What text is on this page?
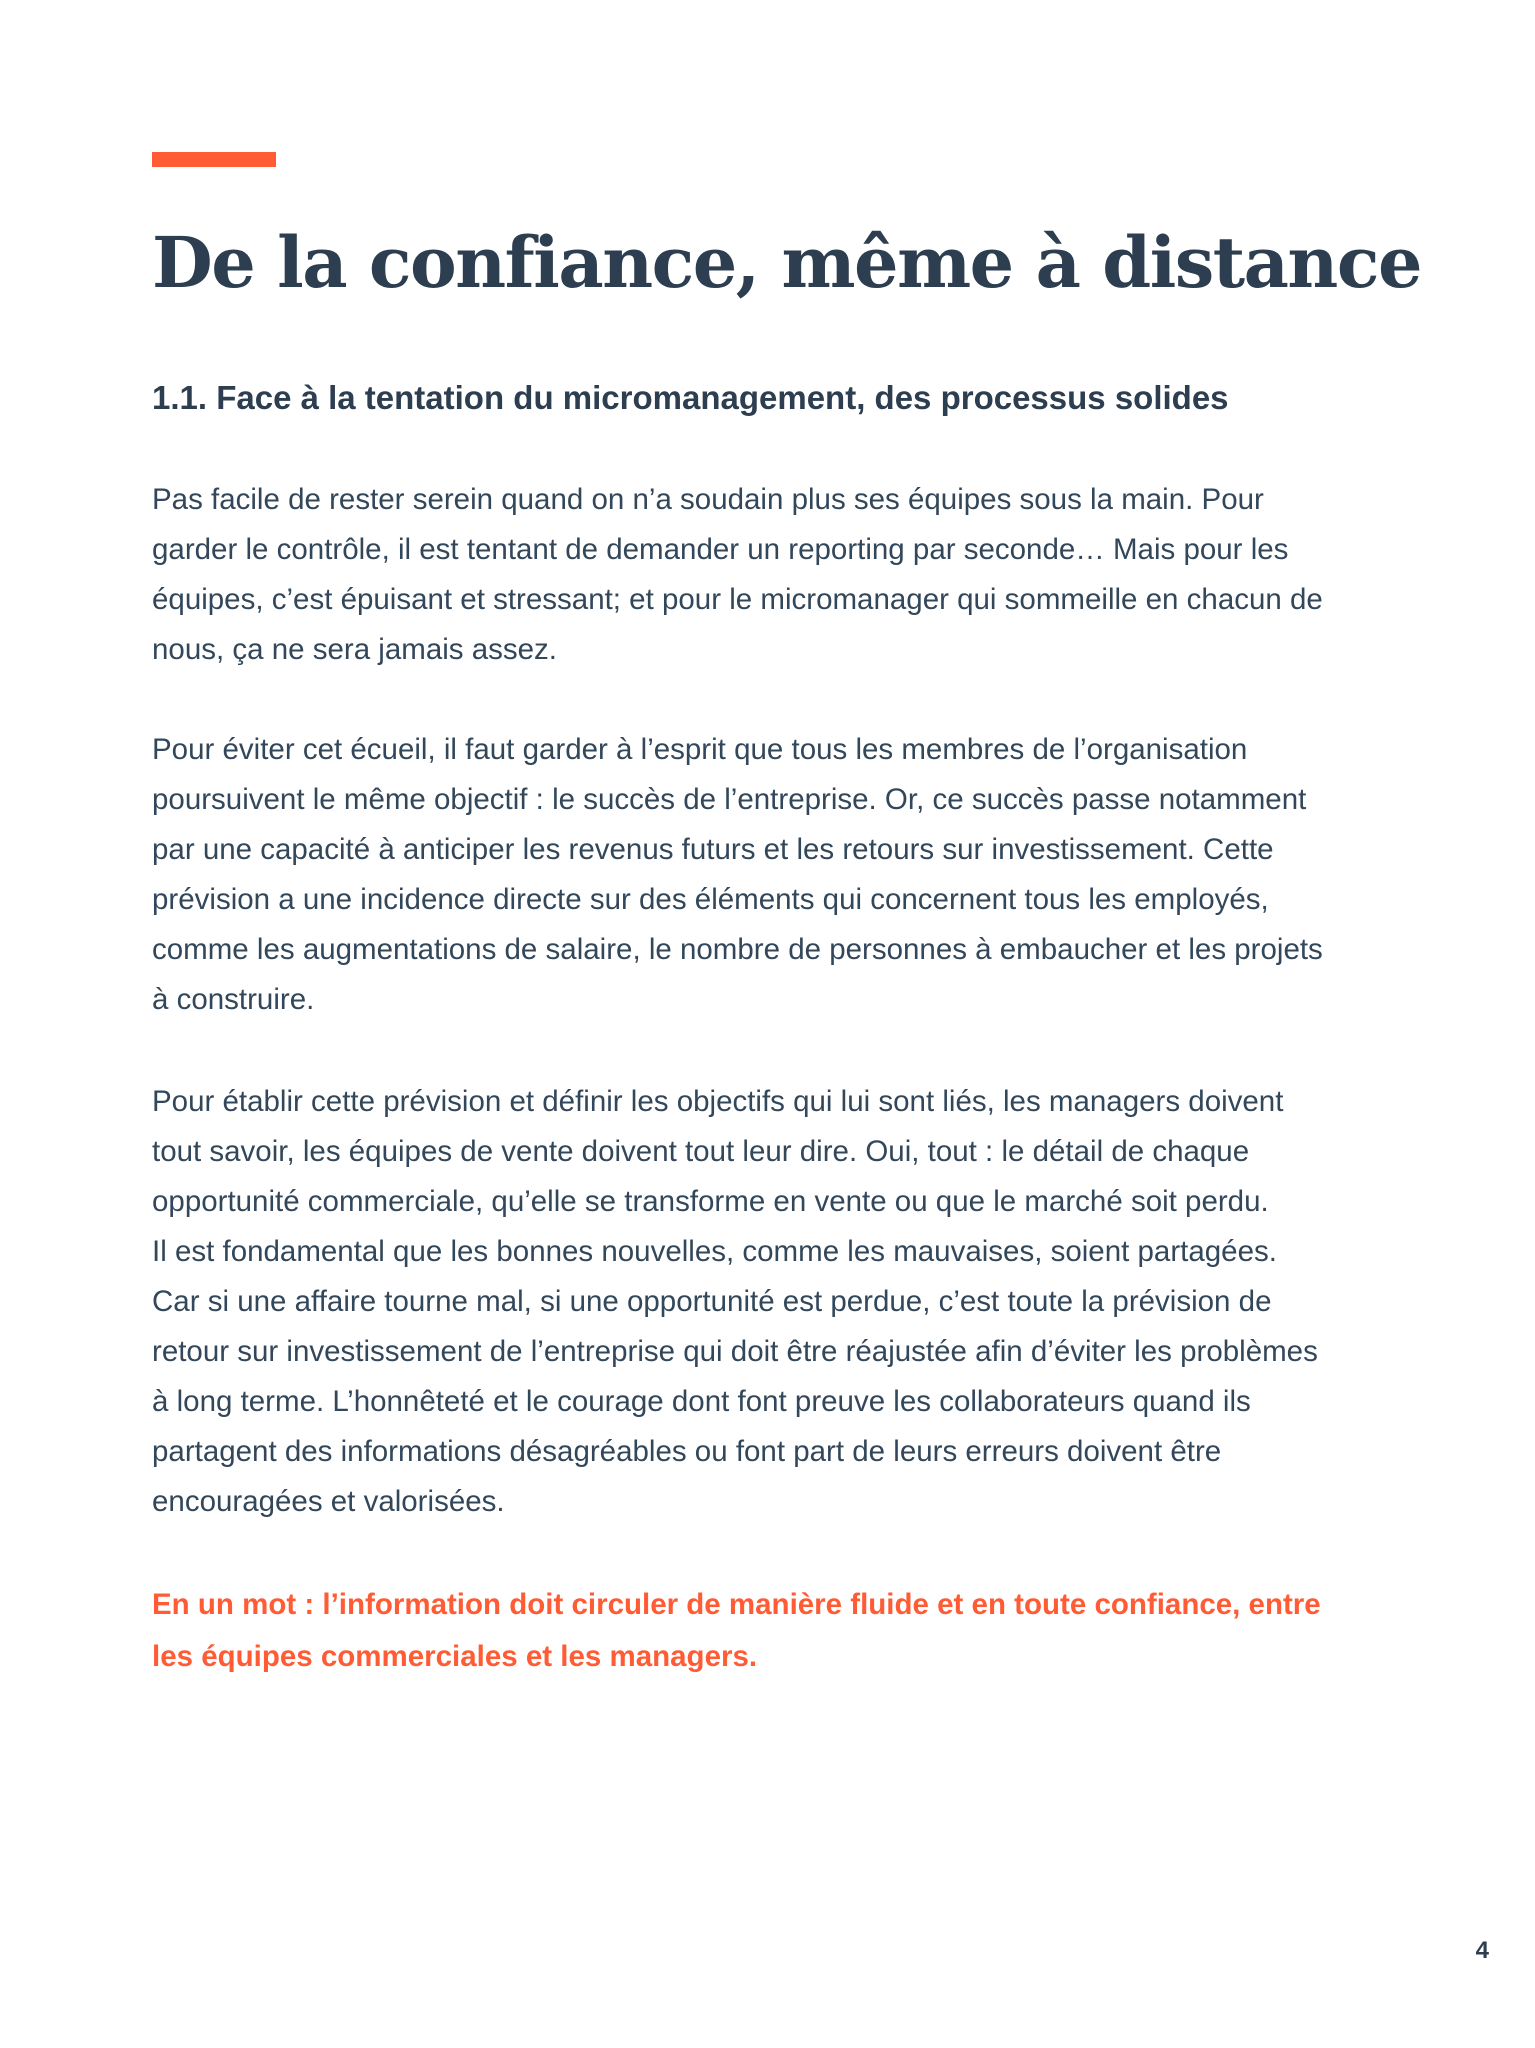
De la confiance, même à distance
1.1. Face à la tentation du micromanagement, des processus solides

Pas facile de rester serein quand on n’a soudain plus ses équipes sous la main. Pour
garder le contrôle, il est tentant de demander un reporting par seconde… Mais pour les
équipes, c’est épuisant et stressant; et pour le micromanager qui sommeille en chacun de
nous, ça ne sera jamais assez.

Pour éviter cet écueil, il faut garder à l’esprit que tous les membres de l’organisation
poursuivent le même objectif : le succès de l’entreprise. Or, ce succès passe notamment
par une capacité à anticiper les revenus futurs et les retours sur investissement. Cette
prévision a une incidence directe sur des éléments qui concernent tous les employés,
comme les augmentations de salaire, le nombre de personnes à embaucher et les projets
à construire.

Pour établir cette prévision et définir les objectifs qui lui sont liés, les managers doivent
tout savoir, les équipes de vente doivent tout leur dire. Oui, tout : le détail de chaque
opportunité commerciale, qu’elle se transforme en vente ou que le marché soit perdu.
Il est fondamental que les bonnes nouvelles, comme les mauvaises, soient partagées.
Car si une affaire tourne mal, si une opportunité est perdue, c’est toute la prévision de
retour sur investissement de l’entreprise qui doit être réajustée afin d’éviter les problèmes
à long terme. L’honnêteté et le courage dont font preuve les collaborateurs quand ils
partagent des informations désagréables ou font part de leurs erreurs doivent être
encouragées et valorisées.

En un mot : l’information doit circuler de manière fluide et en toute confiance, entre
les équipes commerciales et les managers.

4
